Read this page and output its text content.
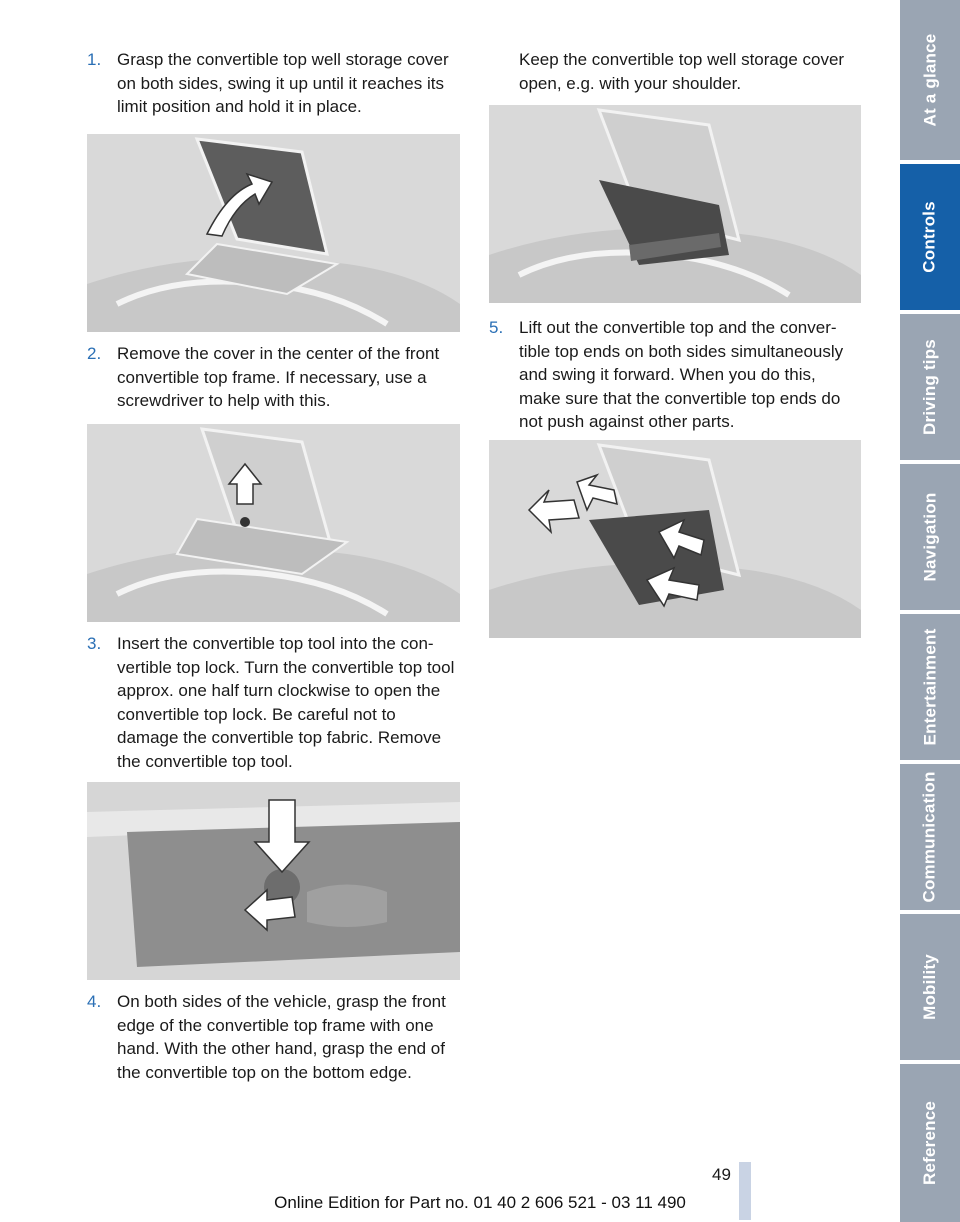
1. Grasp the convertible top well storage cover on both sides, swing it up until it reaches its limit position and hold it in place.
2. Remove the cover in the center of the front convertible top frame. If necessary, use a screwdriver to help with this.
3. Insert the convertible top tool into the con-vertible top lock. Turn the convertible top tool approx. one half turn clockwise to open the convertible top lock. Be careful not to damage the convertible top fabric. Remove the convertible top tool.
4. On both sides of the vehicle, grasp the front edge of the convertible top frame with one hand. With the other hand, grasp the end of the convertible top on the bottom edge.
Keep the convertible top well storage cover open, e.g. with your shoulder.
5. Lift out the convertible top and the conver-tible top ends on both sides simultaneously and swing it forward. When you do this, make sure that the convertible top ends do not push against other parts.
At a glance
Controls
Driving tips
Navigation
Entertainment
Communication
Mobility
Reference
49
Online Edition for Part no. 01 40 2 606 521 - 03 11 490
